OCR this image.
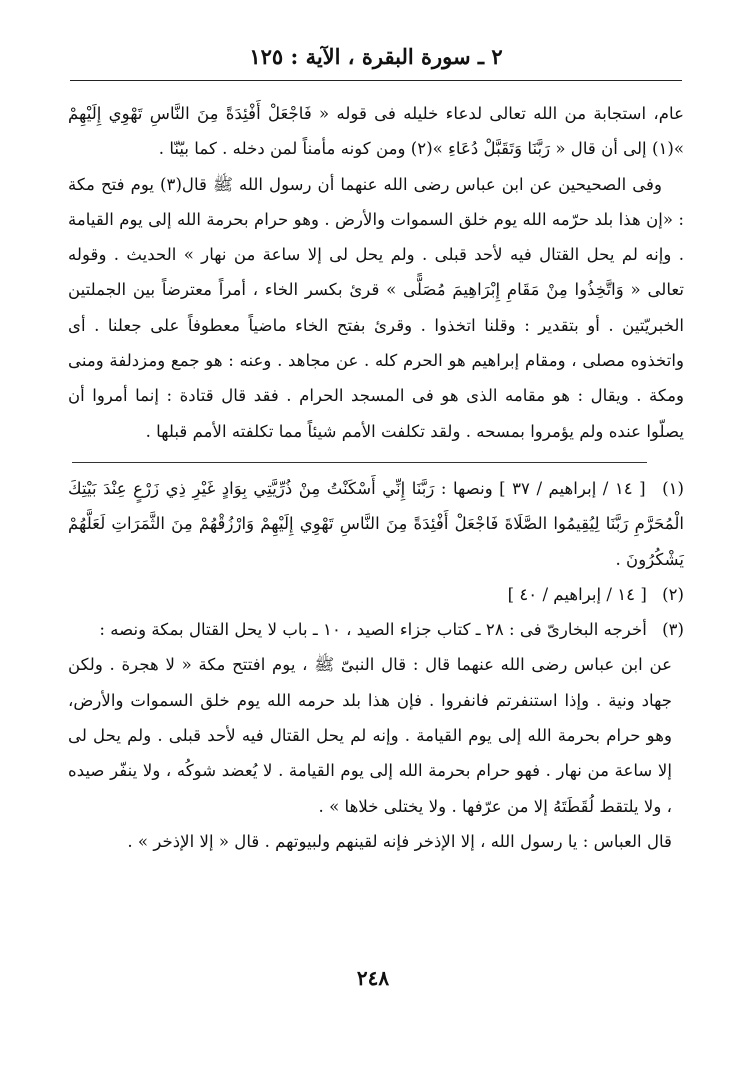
٢ ـ سورة البقرة ، الآية : ١٢٥

عام، استجابة من الله تعالى لدعاء خليله فى قوله « فَاجْعَلْ أَفْئِدَةً مِنَ النَّاسِ تَهْوِي إِلَيْهِمْ »(١) إلى أن قال « رَبَّنَا وَتَقَبَّلْ دُعَاءِ »(٢) ومن كونه مأمناً لمن دخله . كما بيّنّا .

وفى الصحيحين عن ابن عباس رضى الله عنهما أن رسول الله ﷺ قال(٣) يوم فتح مكة : «إن هذا بلد حرّمه الله يوم خلق السموات والأرض . وهو حرام بحرمة الله إلى يوم القيامة . وإنه لم يحل القتال فيه لأحد قبلى . ولم يحل لى إلا ساعة من نهار » الحديث . وقوله تعالى « وَاتَّخِذُوا مِنْ مَقَامِ إِبْرَاهِيمَ مُصَلًّى » قرئ بكسر الخاء ، أمراً معترضاً بين الجملتين الخبريّتين . أو بتقدير : وقلنا اتخذوا . وقرئ بفتح الخاء ماضياً معطوفاً على جعلنا . أى واتخذوه مصلى ، ومقام إبراهيم هو الحرم كله . عن مجاهد . وعنه : هو جمع ومزدلفة ومنى ومكة . ويقال : هو مقامه الذى هو فى المسجد الحرام . فقد قال قتادة : إنما أمروا أن يصلّوا عنده ولم يؤمروا بمسحه . ولقد تكلفت الأمم شيئاً مما تكلفته الأمم قبلها .

(١) [ ١٤ / إبراهيم / ٣٧ ] ونصها : رَبَّنَا إِنِّي أَسْكَنْتُ مِنْ ذُرِّيَّتِي بِوَادٍ غَيْرِ ذِي زَرْعٍ عِنْدَ بَيْتِكَ الْمُحَرَّمِ رَبَّنَا لِيُقِيمُوا الصَّلَاةَ فَاجْعَلْ أَفْئِدَةً مِنَ النَّاسِ تَهْوِي إِلَيْهِمْ وَارْزُقْهُمْ مِنَ الثَّمَرَاتِ لَعَلَّهُمْ يَشْكُرُونَ .

(٢) [ ١٤ / إبراهيم / ٤٠ ]

(٣) أخرجه البخارىّ فى : ٢٨ ـ كتاب جزاء الصيد ، ١٠ ـ باب لا يحل القتال بمكة ونصه :
عن ابن عباس رضى الله عنهما قال : قال النبىّ ﷺ ، يوم افتتح مكة « لا هجرة . ولكن جهاد ونية . وإذا استنفرتم فانفروا . فإن هذا بلد حرمه الله يوم خلق السموات والأرض، وهو حرام بحرمة الله إلى يوم القيامة . وإنه لم يحل القتال فيه لأحد قبلى . ولم يحل لى إلا ساعة من نهار . فهو حرام بحرمة الله إلى يوم القيامة . لا يُعضد شوكُه ، ولا ينفّر صيده ، ولا يلتقط لُقَطَتَهُ إلا من عرّفها . ولا يختلى خلاها » .
قال العباس : يا رسول الله ، إلا الإذخر فإنه لقينهم ولبيوتهم . قال « إلا الإذخر » .

٢٤٨
